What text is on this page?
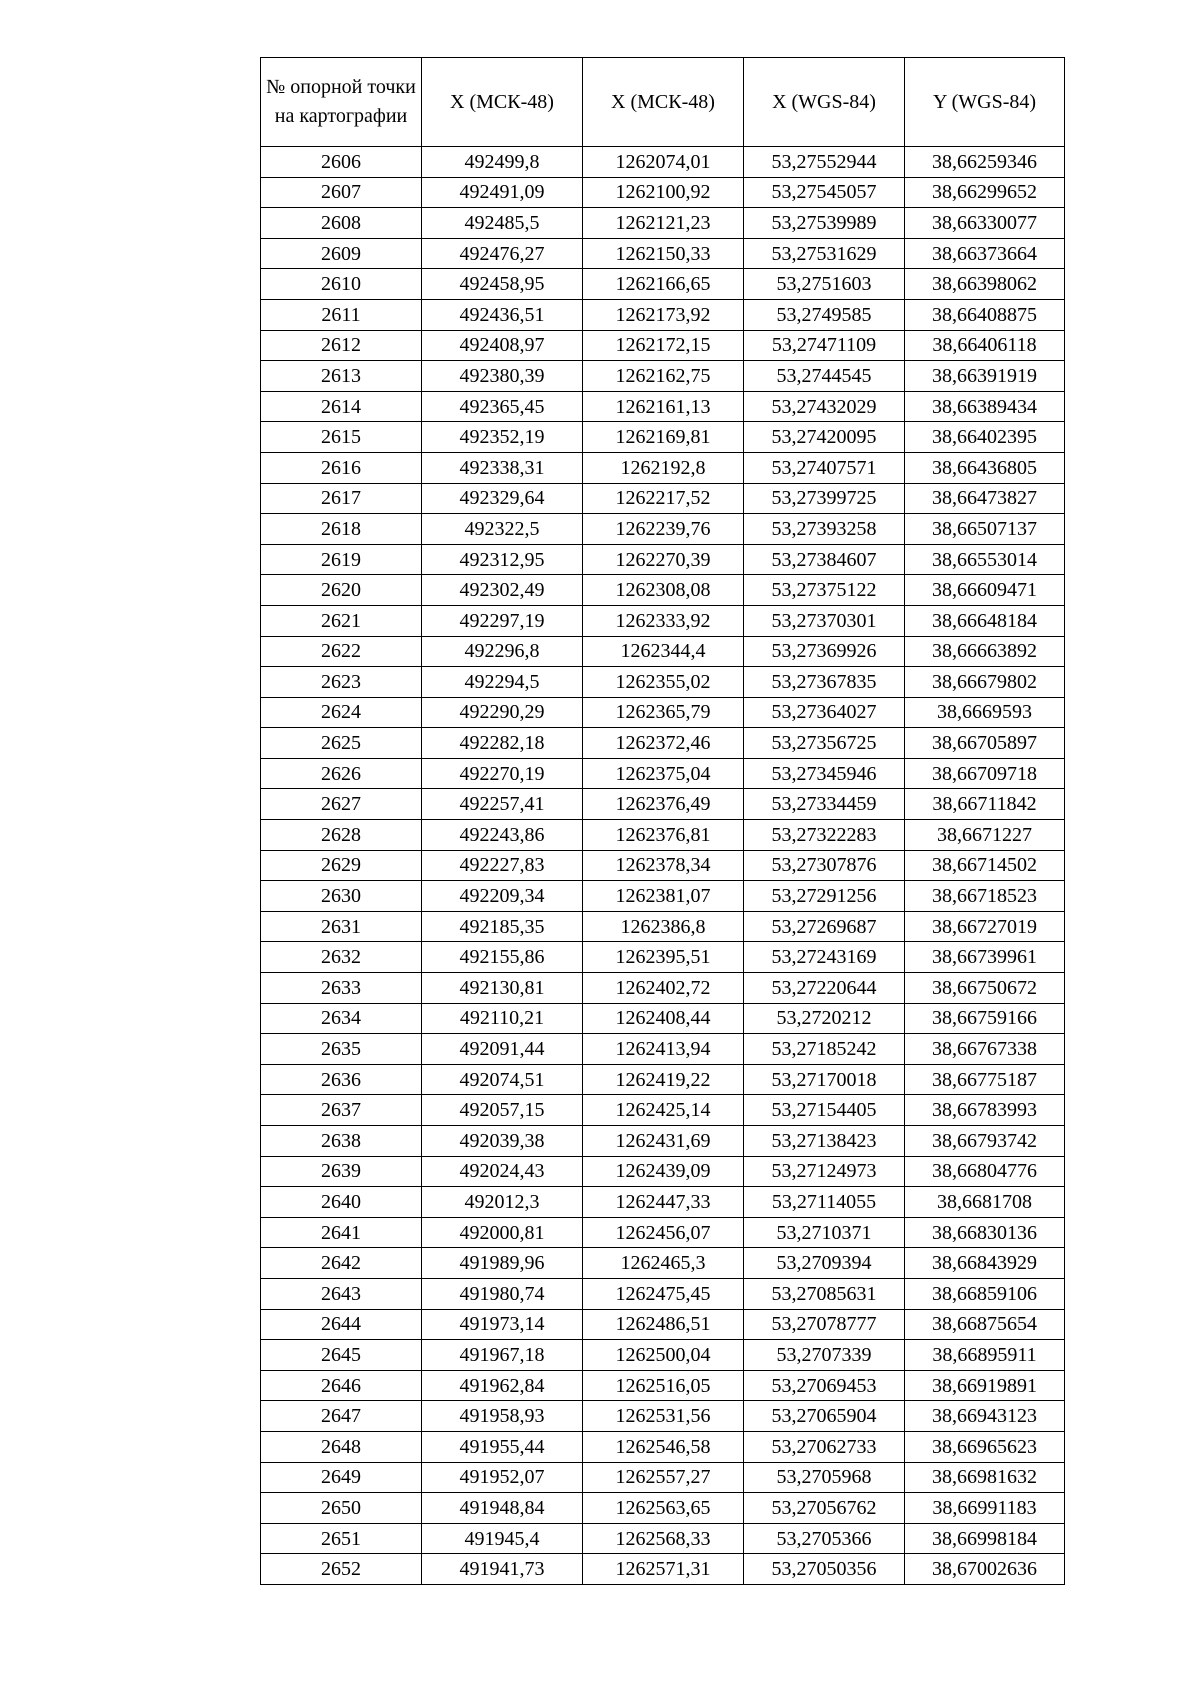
№ опорной точки на картографии	X (МСК-48)	X (МСК-48)	X (WGS-84)	Y (WGS-84)
2606	492499,8	1262074,01	53,27552944	38,66259346
2607	492491,09	1262100,92	53,27545057	38,66299652
2608	492485,5	1262121,23	53,27539989	38,66330077
2609	492476,27	1262150,33	53,27531629	38,66373664
2610	492458,95	1262166,65	53,2751603	38,66398062
2611	492436,51	1262173,92	53,2749585	38,66408875
2612	492408,97	1262172,15	53,27471109	38,66406118
2613	492380,39	1262162,75	53,2744545	38,66391919
2614	492365,45	1262161,13	53,27432029	38,66389434
2615	492352,19	1262169,81	53,27420095	38,66402395
2616	492338,31	1262192,8	53,27407571	38,66436805
2617	492329,64	1262217,52	53,27399725	38,66473827
2618	492322,5	1262239,76	53,27393258	38,66507137
2619	492312,95	1262270,39	53,27384607	38,66553014
2620	492302,49	1262308,08	53,27375122	38,66609471
2621	492297,19	1262333,92	53,27370301	38,66648184
2622	492296,8	1262344,4	53,27369926	38,66663892
2623	492294,5	1262355,02	53,27367835	38,66679802
2624	492290,29	1262365,79	53,27364027	38,6669593
2625	492282,18	1262372,46	53,27356725	38,66705897
2626	492270,19	1262375,04	53,27345946	38,66709718
2627	492257,41	1262376,49	53,27334459	38,66711842
2628	492243,86	1262376,81	53,27322283	38,6671227
2629	492227,83	1262378,34	53,27307876	38,66714502
2630	492209,34	1262381,07	53,27291256	38,66718523
2631	492185,35	1262386,8	53,27269687	38,66727019
2632	492155,86	1262395,51	53,27243169	38,66739961
2633	492130,81	1262402,72	53,27220644	38,66750672
2634	492110,21	1262408,44	53,2720212	38,66759166
2635	492091,44	1262413,94	53,27185242	38,66767338
2636	492074,51	1262419,22	53,27170018	38,66775187
2637	492057,15	1262425,14	53,27154405	38,66783993
2638	492039,38	1262431,69	53,27138423	38,66793742
2639	492024,43	1262439,09	53,27124973	38,66804776
2640	492012,3	1262447,33	53,27114055	38,6681708
2641	492000,81	1262456,07	53,2710371	38,66830136
2642	491989,96	1262465,3	53,2709394	38,66843929
2643	491980,74	1262475,45	53,27085631	38,66859106
2644	491973,14	1262486,51	53,27078777	38,66875654
2645	491967,18	1262500,04	53,2707339	38,66895911
2646	491962,84	1262516,05	53,27069453	38,66919891
2647	491958,93	1262531,56	53,27065904	38,66943123
2648	491955,44	1262546,58	53,27062733	38,66965623
2649	491952,07	1262557,27	53,2705968	38,66981632
2650	491948,84	1262563,65	53,27056762	38,66991183
2651	491945,4	1262568,33	53,2705366	38,66998184
2652	491941,73	1262571,31	53,27050356	38,67002636
